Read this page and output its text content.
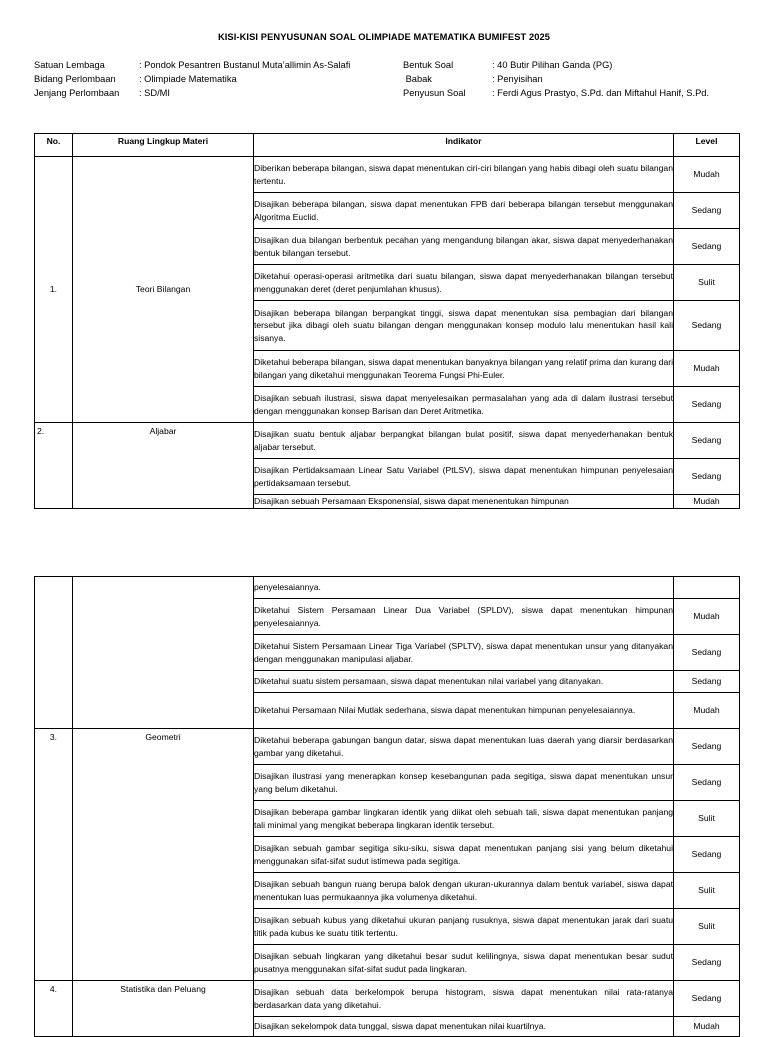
KISI-KISI PENYUSUNAN SOAL OLIMPIADE MATEMATIKA BUMIFEST 2025
Satuan Lembaga	: Pondok Pesantren Bustanul Muta’allimin As-Salafi
Bidang Perlombaan	: Olimpiade Matematika
Jenjang Perlombaan : SD/MI
Bentuk Soal	: 40 Butir Pilihan Ganda (PG)
Babak	: Penyisihan
Penyusun Soal	: Ferdi Agus Prastyo, S.Pd. dan Miftahul Hanif, S.Pd.
No.	Ruang Lingkup Materi	Indikator	Level
1.	Teori Bilangan	Diberikan beberapa bilangan, siswa dapat menentukan ciri-ciri bilangan yang habis dibagi oleh suatu bilangan tertentu.	Mudah
		Disajikan beberapa bilangan, siswa dapat menentukan FPB dari beberapa bilangan tersebut menggunakan Algoritma Euclid.	Sedang
		Disajikan dua bilangan berbentuk pecahan yang mengandung bilangan akar, siswa dapat menyederhanakan bentuk bilangan tersebut.	Sedang
		Diketahui operasi-operasi aritmetika dari suatu bilangan, siswa dapat menyederhanakan bilangan tersebut menggunakan deret (deret penjumlahan khusus).	Sulit
		Disajikan beberapa bilangan berpangkat tinggi, siswa dapat menentukan sisa pembagian dari bilangan tersebut jika dibagi oleh suatu bilangan dengan menggunakan konsep modulo lalu menentukan hasil kali sisanya.	Sedang
		Diketahui beberapa bilangan, siswa dapat menentukan banyaknya bilangan yang relatif prima dan kurang dari bilangan yang diketahui menggunakan Teorema Fungsi Phi-Euler.	Mudah
		Disajikan sebuah ilustrasi, siswa dapat menyelesaikan permasalahan yang ada di dalam ilustrasi tersebut dengan menggunakan konsep Barisan dan Deret Aritmetika.	Sedang
2.	Aljabar	Disajikan suatu bentuk aljabar berpangkat bilangan bulat positif, siswa dapat menyederhanakan bentuk aljabar tersebut.	Sedang
		Disajikan Pertidaksamaan Linear Satu Variabel (PtLSV), siswa dapat menentukan himpunan penyelesaian pertidaksamaan tersebut.	Sedang
		Disajikan sebuah Persamaan Eksponensial, siswa dapat menenentukan himpunan	Mudah
		penyelesaiannya.	
		Diketahui Sistem Persamaan Linear Dua Variabel (SPLDV), siswa dapat menentukan himpunan penyelesaiannya.	Mudah
		Diketahui Sistem Persamaan Linear Tiga Variabel (SPLTV), siswa dapat menentukan unsur yang ditanyakan dengan menggunakan manipulasi aljabar.	Sedang
		Diketahui suatu sistem persamaan, siswa dapat menentukan nilai variabel yang ditanyakan.	Sedang
		Diketahui Persamaan Nilai Mutlak sederhana, siswa dapat menentukan himpunan penyelesaiannya.	Mudah
3.	Geometri	Diketahui beberapa gabungan bangun datar, siswa dapat menentukan luas daerah yang diarsir berdasarkan gambar yang diketahui.	Sedang
		Disajikan ilustrasi yang menerapkan konsep kesebangunan pada segitiga, siswa dapat menentukan unsur yang belum diketahui.	Sedang
		Disajikan beberapa gambar lingkaran identik yang diikat oleh sebuah tali, siswa dapat menentukan panjang tali minimal yang mengikat beberapa lingkaran identik tersebut.	Sulit
		Disajikan sebuah gambar segitiga siku-siku, siswa dapat menentukan panjang sisi yang belum diketahui menggunakan sifat-sifat sudut istimewa pada segitiga.	Sedang
		Disajikan sebuah bangun ruang berupa balok dengan ukuran-ukurannya dalam bentuk variabel, siswa dapat menentukan luas permukaannya jika volumenya diketahui.	Sulit
		Disajikan sebuah kubus yang diketahui ukuran panjang rusuknya, siswa dapat menentukan jarak dari suatu titik pada kubus ke suatu titik tertentu.	Sulit
		Disajikan sebuah lingkaran yang diketahui besar sudut kelilingnya, siswa dapat menentukan besar sudut pusatnya menggunakan sifat-sifat sudut pada lingkaran.	Sedang
4.	Statistika dan Peluang	Disajikan sebuah data berkelompok berupa histogram, siswa dapat menentukan nilai rata-ratanya berdasarkan data yang diketahui.	Sedang
		Disajikan sekelompok data tunggal, siswa dapat menentukan nilai kuartilnya.	Mudah
